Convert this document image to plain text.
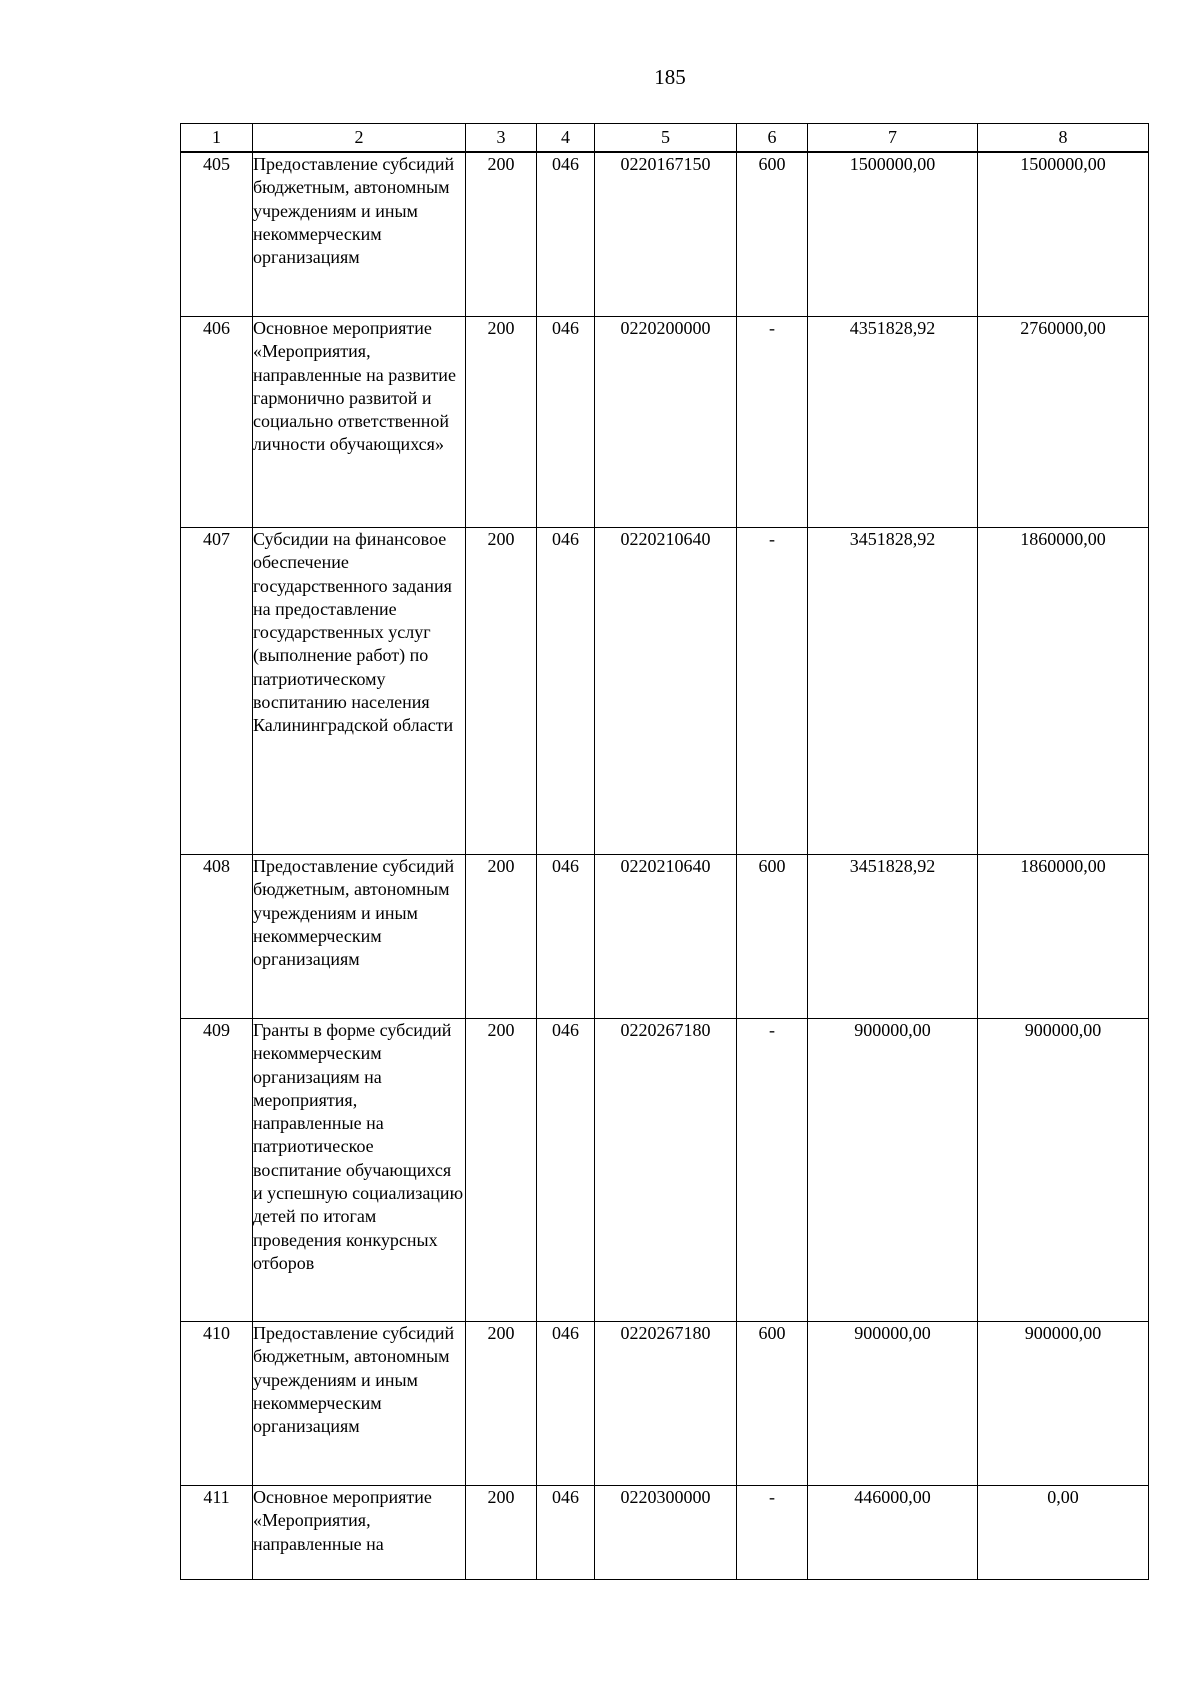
185
1	2	3	4	5	6	7	8
405	Предоставление субсидий бюджетным, автономным учреждениям и иным некоммерческим организациям	200	046	0220167150	600	1500000,00	1500000,00
406	Основное мероприятие «Мероприятия, направленные на развитие гармонично развитой и социально ответственной личности обучающихся»	200	046	0220200000	-	4351828,92	2760000,00
407	Субсидии на финансовое обеспечение государственного задания на предоставление государственных услуг (выполнение работ) по патриотическому воспитанию населения Калининградской области	200	046	0220210640	-	3451828,92	1860000,00
408	Предоставление субсидий бюджетным, автономным учреждениям и иным некоммерческим организациям	200	046	0220210640	600	3451828,92	1860000,00
409	Гранты в форме субсидий некоммерческим организациям на мероприятия, направленные на патриотическое воспитание обучающихся и успешную социализацию детей по итогам проведения конкурсных отборов	200	046	0220267180	-	900000,00	900000,00
410	Предоставление субсидий бюджетным, автономным учреждениям и иным некоммерческим организациям	200	046	0220267180	600	900000,00	900000,00
411	Основное мероприятие «Мероприятия, направленные на	200	046	0220300000	-	446000,00	0,00
